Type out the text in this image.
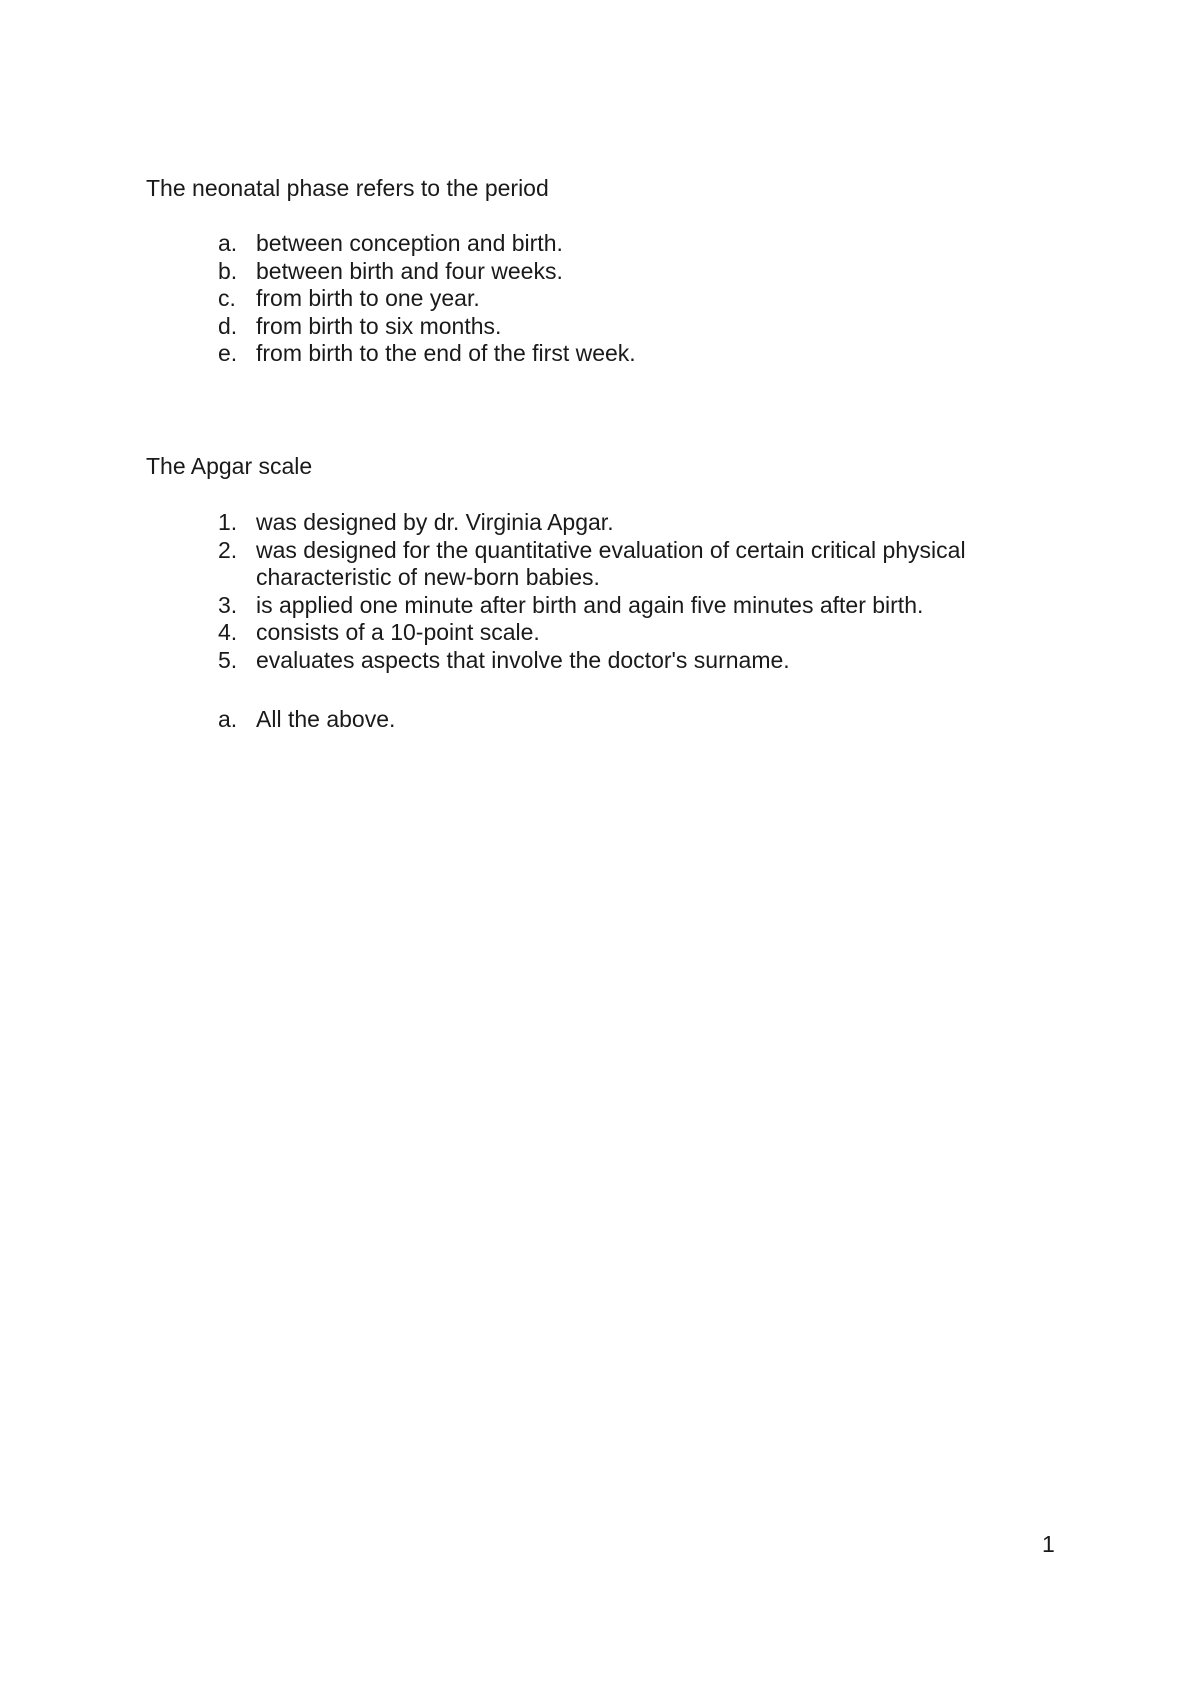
The neonatal phase refers to the period

a. between conception and birth.
b. between birth and four weeks.
c. from birth to one year.
d. from birth to six months.
e. from birth to the end of the first week.

The Apgar scale

1. was designed by dr. Virginia Apgar.
2. was designed for the quantitative evaluation of certain critical physical characteristic of new-born babies.
3. is applied one minute after birth and again five minutes after birth.
4. consists of a 10-point scale.
5. evaluates aspects that involve the doctor's surname.
a. All the above.

1
